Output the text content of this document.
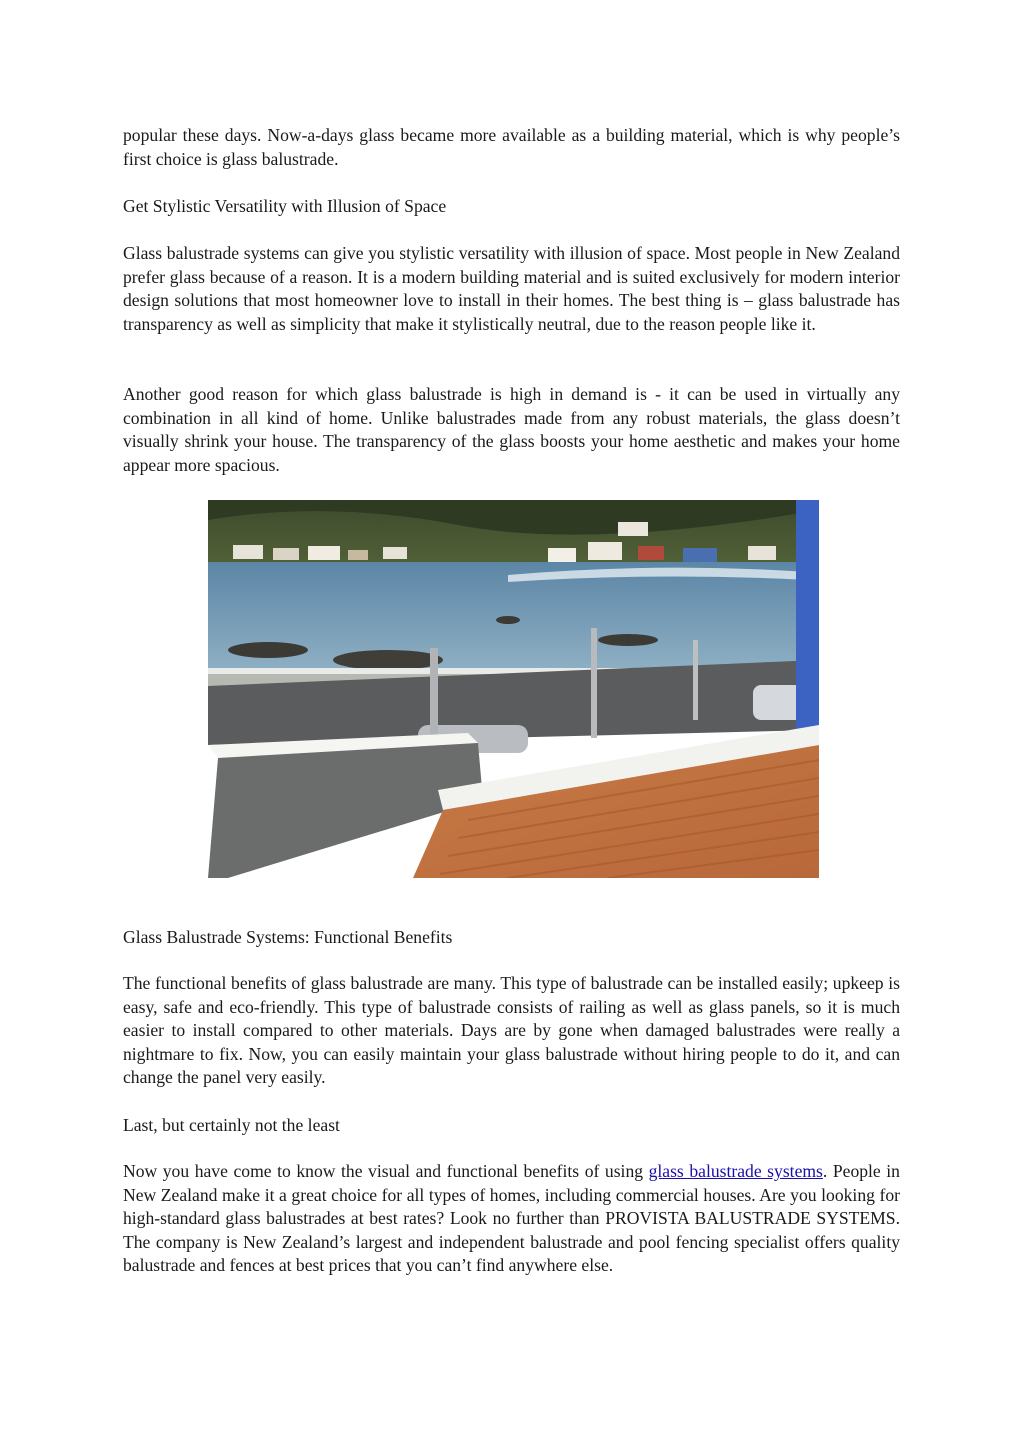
popular these days. Now-a-days glass became more available as a building material, which is why people’s first choice is glass balustrade.

Get Stylistic Versatility with Illusion of Space

Glass balustrade systems can give you stylistic versatility with illusion of space. Most people in New Zealand prefer glass because of a reason. It is a modern building material and is suited exclusively for modern interior design solutions that most homeowner love to install in their homes. The best thing is – glass balustrade has transparency as well as simplicity that make it stylistically neutral, due to the reason people like it.

Another good reason for which glass balustrade is high in demand is - it can be used in virtually any combination in all kind of home. Unlike balustrades made from any robust materials, the glass doesn’t visually shrink your house. The transparency of the glass boosts your home aesthetic and makes your home appear more spacious.

Glass Balustrade Systems: Functional Benefits

The functional benefits of glass balustrade are many. This type of balustrade can be installed easily; upkeep is easy, safe and eco-friendly. This type of balustrade consists of railing as well as glass panels, so it is much easier to install compared to other materials. Days are by gone when damaged balustrades were really a nightmare to fix. Now, you can easily maintain your glass balustrade without hiring people to do it, and can change the panel very easily.

Last, but certainly not the least

Now you have come to know the visual and functional benefits of using glass balustrade systems. People in New Zealand make it a great choice for all types of homes, including commercial houses. Are you looking for high-standard glass balustrades at best rates? Look no further than PROVISTA BALUSTRADE SYSTEMS. The company is New Zealand’s largest and independent balustrade and pool fencing specialist offers quality balustrade and fences at best prices that you can’t find anywhere else.
